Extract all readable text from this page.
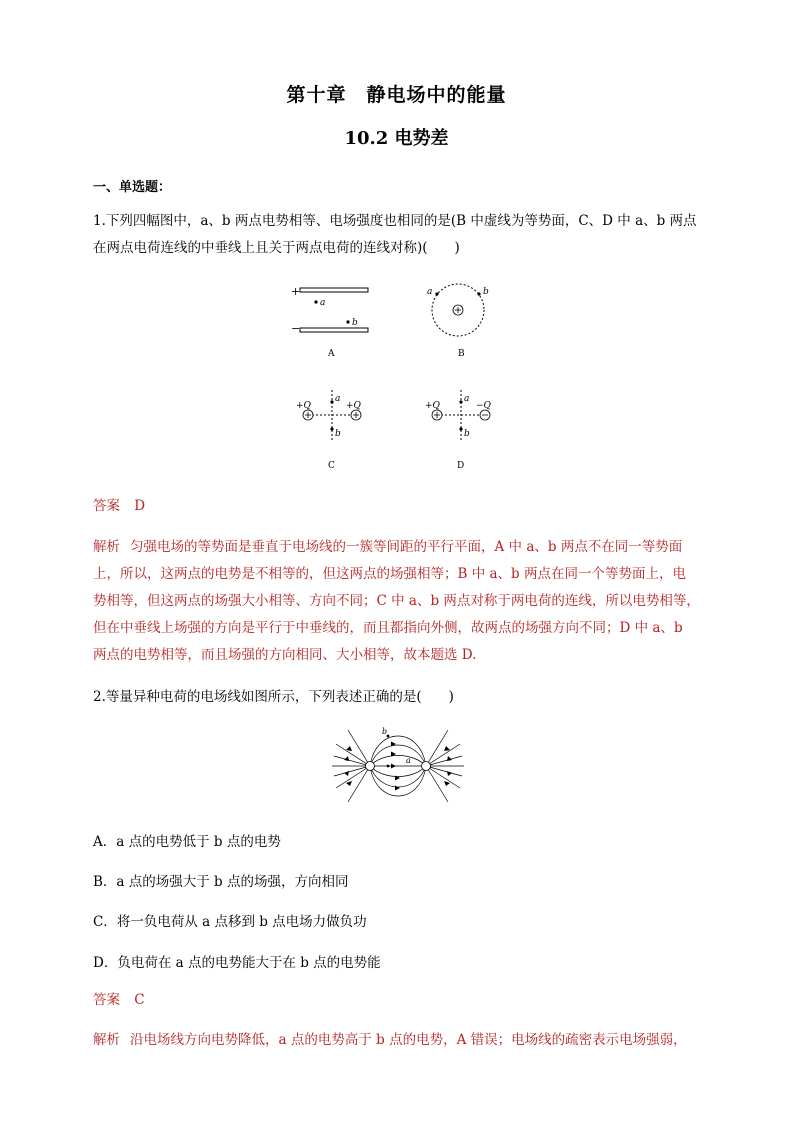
第十章　静电场中的能量
10.2 电势差
一、单选题：
1.下列四幅图中，a、b 两点电势相等、电场强度也相同的是(B 中虚线为等势面，C、D 中 a、b 两点
在两点电荷连线的中垂线上且关于两点电荷的连线对称)(　　)
+
a
b
−
A
a	b
B
+Q	+Q
a
b
C
+Q	−Q
a
b
D
答案 D
解析 匀强电场的等势面是垂直于电场线的一簇等间距的平行平面，A 中 a、b 两点不在同一等势面
上，所以，这两点的电势是不相等的，但这两点的场强相等；B 中 a、b 两点在同一个等势面上，电
势相等，但这两点的场强大小相等、方向不同；C 中 a、b 两点对称于两电荷的连线，所以电势相等，
但在中垂线上场强的方向是平行于中垂线的，而且都指向外侧，故两点的场强方向不同；D 中 a、b
两点的电势相等，而且场强的方向相同、大小相等，故本题选 D.
2.等量异种电荷的电场线如图所示，下列表述正确的是(　　)
a
b
A．a 点的电势低于 b 点的电势
B．a 点的场强大于 b 点的场强，方向相同
C．将一负电荷从 a 点移到 b 点电场力做负功
D．负电荷在 a 点的电势能大于在 b 点的电势能
答案 C
解析 沿电场线方向电势降低，a 点的电势高于 b 点的电势，A 错误；电场线的疏密表示电场强弱，
